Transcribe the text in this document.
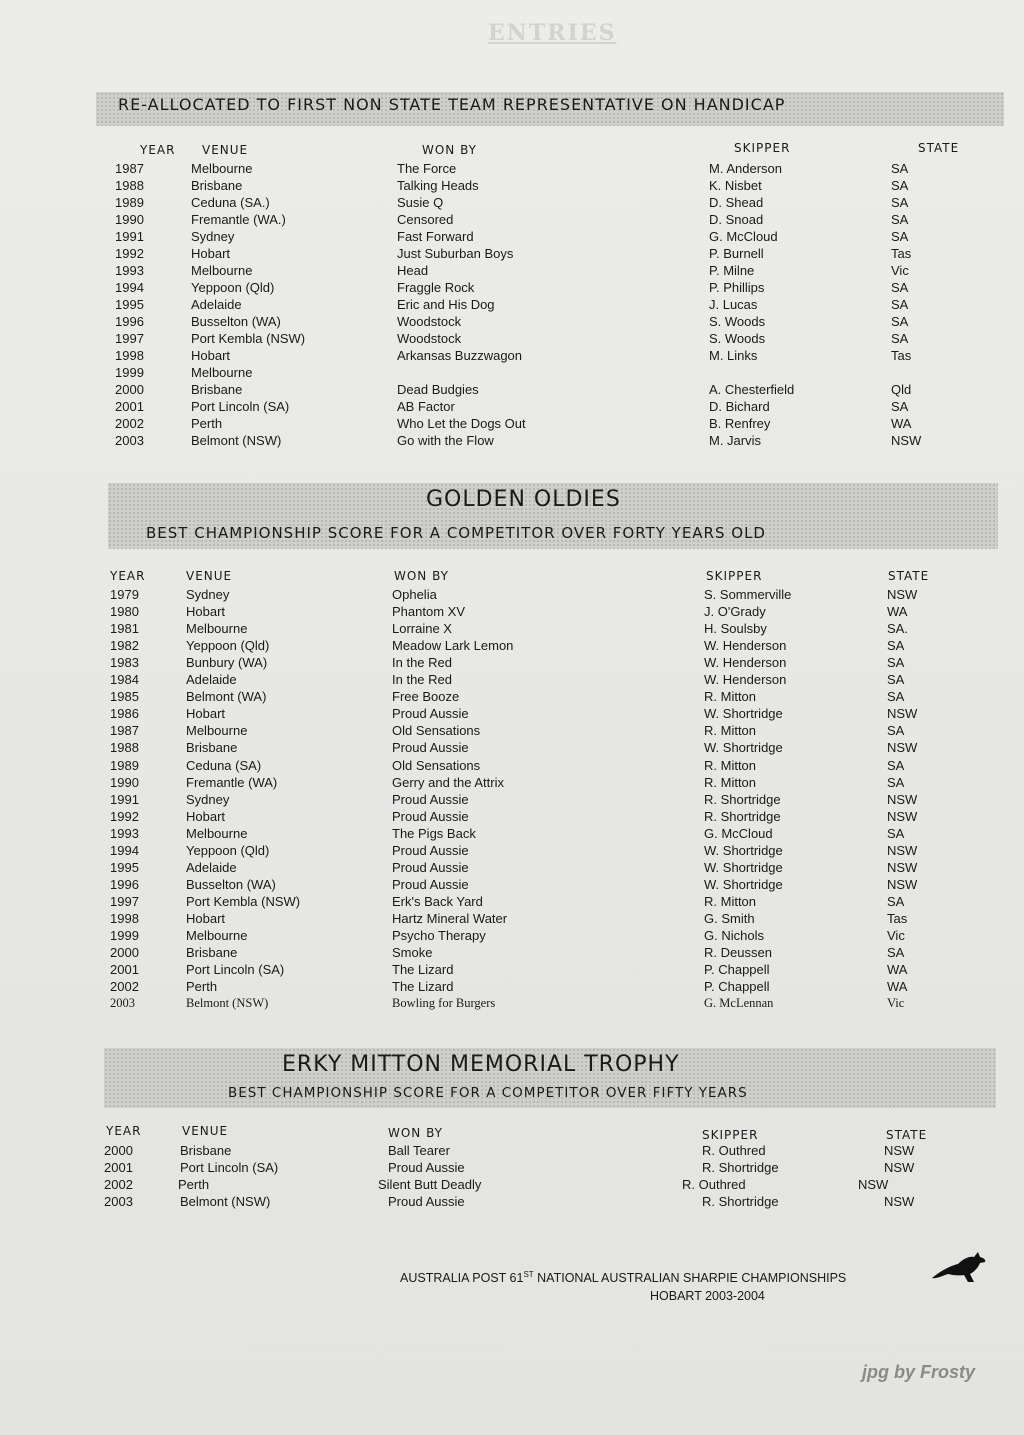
ENTRIES
RE-ALLOCATED TO FIRST NON STATE TEAM REPRESENTATIVE ON HANDICAP
YEAR VENUE	WON BY	SKIPPER	STATE
1987	Melbourne	The Force	M. Anderson	SA
1988	Brisbane	Talking Heads	K. Nisbet	SA
1989	Ceduna (SA.)	Susie Q	D. Shead	SA
1990	Fremantle (WA.)	Censored	D. Snoad	SA
1991	Sydney	Fast Forward	G. McCloud	SA
1992	Hobart	Just Suburban Boys	P. Burnell	Tas
1993	Melbourne	Head	P. Milne	Vic
1994	Yeppoon (Qld)	Fraggle Rock	P. Phillips	SA
1995	Adelaide	Eric and His Dog	J. Lucas	SA
1996	Busselton (WA)	Woodstock	S. Woods	SA
1997	Port Kembla (NSW)	Woodstock	S. Woods	SA
1998	Hobart	Arkansas Buzzwagon	M. Links	Tas
1999	Melbourne
2000	Brisbane	Dead Budgies	A. Chesterfield	Qld
2001	Port Lincoln (SA)	AB Factor	D. Bichard	SA
2002	Perth	Who Let the Dogs Out	B. Renfrey	WA
2003	Belmont (NSW)	Go with the Flow	M. Jarvis	NSW
GOLDEN OLDIES
BEST CHAMPIONSHIP SCORE FOR A COMPETITOR OVER FORTY YEARS OLD
YEAR	VENUE	WON BY	SKIPPER	STATE
1979	Sydney	Ophelia	S. Sommerville	NSW
1980	Hobart	Phantom XV	J. O'Grady	WA
1981	Melbourne	Lorraine X	H. Soulsby	SA.
1982	Yeppoon (Qld)	Meadow Lark Lemon	W. Henderson	SA
1983	Bunbury (WA)	In the Red	W. Henderson	SA
1984	Adelaide	In the Red	W. Henderson	SA
1985	Belmont (WA)	Free Booze	R. Mitton	SA
1986	Hobart	Proud Aussie	W. Shortridge	NSW
1987	Melbourne	Old Sensations	R. Mitton	SA
1988	Brisbane	Proud Aussie	W. Shortridge	NSW
1989	Ceduna (SA)	Old Sensations	R. Mitton	SA
1990	Fremantle (WA)	Gerry and the Attrix	R. Mitton	SA
1991	Sydney	Proud Aussie	R. Shortridge	NSW
1992	Hobart	Proud Aussie	R. Shortridge	NSW
1993	Melbourne	The Pigs Back	G. McCloud	SA
1994	Yeppoon (Qld)	Proud Aussie	W. Shortridge	NSW
1995	Adelaide	Proud Aussie	W. Shortridge	NSW
1996	Busselton (WA)	Proud Aussie	W. Shortridge	NSW
1997	Port Kembla (NSW)	Erk's Back Yard	R. Mitton	SA
1998	Hobart	Hartz Mineral Water	G. Smith	Tas
1999	Melbourne	Psycho Therapy	G. Nichols	Vic
2000	Brisbane	Smoke	R. Deussen	SA
2001	Port Lincoln (SA)	The Lizard	P. Chappell	WA
2002	Perth	The Lizard	P. Chappell	WA
2003	Belmont (NSW)	Bowling for Burgers	G. McLennan	Vic
ERKY MITTON MEMORIAL TROPHY
BEST CHAMPIONSHIP SCORE FOR A COMPETITOR OVER FIFTY YEARS
YEAR	VENUE	WON BY	SKIPPER	STATE
2000	Brisbane	Ball Tearer	R. Outhred	NSW
2001	Port Lincoln (SA)	Proud Aussie	R. Shortridge	NSW
2002	Perth	Silent Butt Deadly	R. Outhred	NSW
2003	Belmont (NSW)	Proud Aussie	R. Shortridge	NSW
AUSTRALIA POST 61ST NATIONAL AUSTRALIAN SHARPIE CHAMPIONSHIPS
HOBART 2003-2004
jpg by Frosty
